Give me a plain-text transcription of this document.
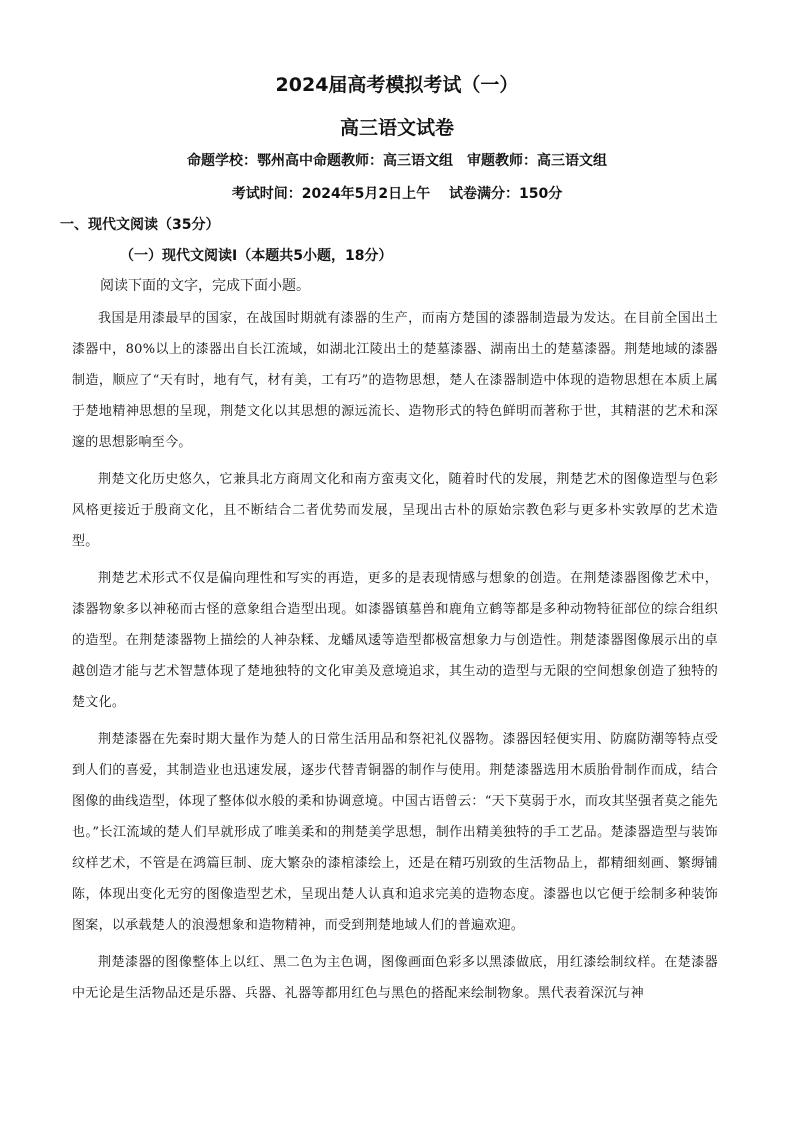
2024届高考模拟考试（一）
高三语文试卷
命题学校：鄂州高中命题教师：高三语文组　审题教师：高三语文组
考试时间：2024年5月2日上午　 试卷满分：150分
一、现代文阅读（35分）
（一）现代文阅读Ⅰ（本题共5小题，18分）
阅读下面的文字，完成下面小题。

我国是用漆最早的国家，在战国时期就有漆器的生产，而南方楚国的漆器制造最为发达。在目前全国出土漆器中，80%以上的漆器出自长江流域，如湖北江陵出土的楚墓漆器、湖南出土的楚墓漆器。荆楚地域的漆器制造，顺应了“天有时，地有气，材有美，工有巧”的造物思想，楚人在漆器制造中体现的造物思想在本质上属于楚地精神思想的呈现，荆楚文化以其思想的源远流长、造物形式的特色鲜明而著称于世，其精湛的艺术和深邃的思想影响至今。

荆楚文化历史悠久，它兼具北方商周文化和南方蛮夷文化，随着时代的发展，荆楚艺术的图像造型与色彩风格更接近于殷商文化，且不断结合二者优势而发展，呈现出古朴的原始宗教色彩与更多朴实敦厚的艺术造型。

荆楚艺术形式不仅是偏向理性和写实的再造，更多的是表现情感与想象的创造。在荆楚漆器图像艺术中，漆器物象多以神秘而古怪的意象组合造型出现。如漆器镇墓兽和鹿角立鹤等都是多种动物特征部位的综合组织的造型。在荆楚漆器物上描绘的人神杂糅、龙蟠凤逶等造型都极富想象力与创造性。荆楚漆器图像展示出的卓越创造才能与艺术智慧体现了楚地独特的文化审美及意境追求，其生动的造型与无限的空间想象创造了独特的楚文化。

荆楚漆器在先秦时期大量作为楚人的日常生活用品和祭祀礼仪器物。漆器因轻便实用、防腐防潮等特点受到人们的喜爱，其制造业也迅速发展，逐步代替青铜器的制作与使用。荆楚漆器选用木质胎骨制作而成，结合图像的曲线造型，体现了整体似水般的柔和协调意境。中国古语曾云：“天下莫弱于水，而攻其坚强者莫之能先也。”长江流域的楚人们早就形成了唯美柔和的荆楚美学思想，制作出精美独特的手工艺品。楚漆器造型与装饰纹样艺术，不管是在鸿篇巨制、庞大繁杂的漆棺漆绘上，还是在精巧别致的生活物品上，都精细刻画、繁缛铺陈，体现出变化无穷的图像造型艺术，呈现出楚人认真和追求完美的造物态度。漆器也以它便于绘制多种装饰图案，以承载楚人的浪漫想象和造物精神，而受到荆楚地域人们的普遍欢迎。

荆楚漆器的图像整体上以红、黑二色为主色调，图像画面色彩多以黑漆做底，用红漆绘制纹样。在楚漆器中无论是生活物品还是乐器、兵器、礼器等都用红色与黑色的搭配来绘制物象。黑代表着深沉与神
